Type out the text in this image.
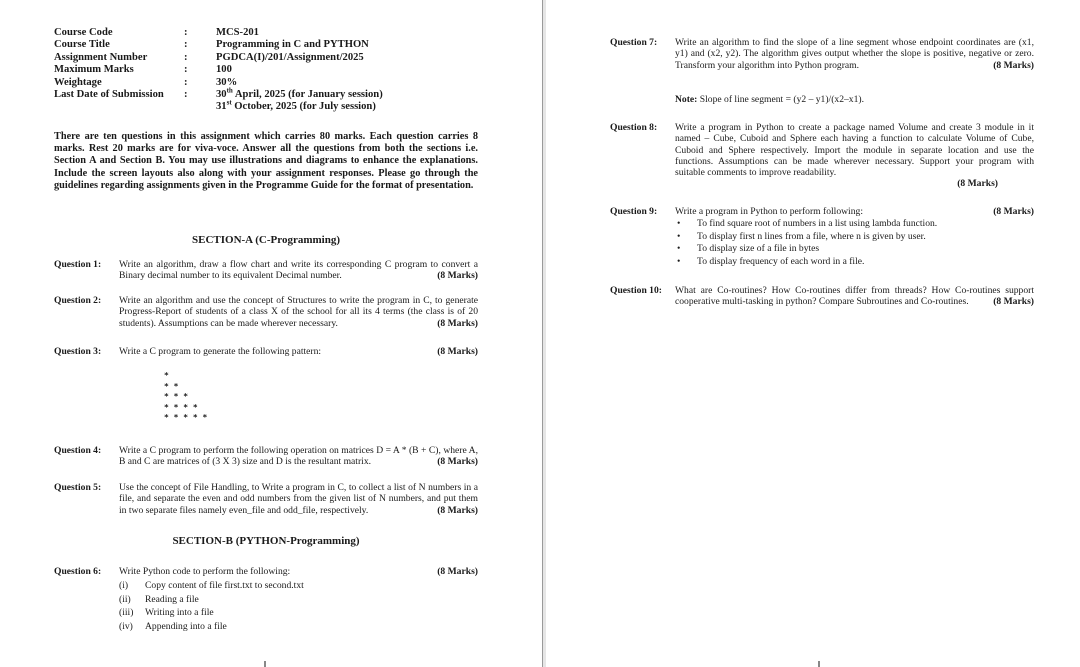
Course Code	:	MCS-201
Course Title	:	Programming in C and PYTHON
Assignment Number	:	PGDCA(I)/201/Assignment/2025
Maximum Marks	:	100
Weightage	:	30%
Last Date of Submission	:	30th April, 2025 (for January session)
31st October, 2025 (for July session)
There are ten questions in this assignment which carries 80 marks. Each question carries 8 marks. Rest 20 marks are for viva-voce. Answer all the questions from both the sections i.e. Section A and Section B. You may use illustrations and diagrams to enhance the explanations. Include the screen layouts also along with your assignment responses. Please go through the guidelines regarding assignments given in the Programme Guide for the format of presentation.
SECTION-A (C-Programming)
Question 1:	Write an algorithm, draw a flow chart and write its corresponding C program to convert a Binary decimal number to its equivalent Decimal number.	(8 Marks)
Question 2:	Write an algorithm and use the concept of Structures to write the program in C, to generate Progress-Report of students of a class X of the school for all its 4 terms (the class is of 20 students). Assumptions can be made wherever necessary.	(8 Marks)
Question 3:	Write a C program to generate the following pattern:	(8 Marks)
*
* *
* * *
* * * *
* * * * *
Question 4:	Write a C program to perform the following operation on matrices D = A * (B + C), where A, B and C are matrices of (3 X 3) size and D is the resultant matrix.	(8 Marks)
Question 5:	Use the concept of File Handling, to Write a program in C, to collect a list of N numbers in a file, and separate the even and odd numbers from the given list of N numbers, and put them in two separate files namely even_file and odd_file, respectively.	(8 Marks)
SECTION-B (PYTHON-Programming)
Question 6:	(8 Marks)
Write Python code to perform the following:
(i)	Copy content of file first.txt to second.txt
(ii)	Reading a file
(iii)	Writing into a file
(iv)	Appending into a file
Question 7:	Write an algorithm to find the slope of a line segment whose endpoint coordinates are (x1, y1) and (x2, y2). The algorithm gives output whether the slope is positive, negative or zero. Transform your algorithm into Python program.	(8 Marks)
Note: Slope of line segment = (y2 – y1)/(x2–x1).
Question 8:	Write a program in Python to create a package named Volume and create 3 module in it named – Cube, Cuboid and Sphere each having a function to calculate Volume of Cube, Cuboid and Sphere respectively. Import the module in separate location and use the functions. Assumptions can be made wherever necessary. Support your program with suitable comments to improve readability.
(8 Marks)
Question 9:	(8 Marks)
Write a program in Python to perform following:
•	To find square root of numbers in a list using lambda function.
•	To display first n lines from a file, where n is given by user.
•	To display size of a file in bytes
•	To display frequency of each word in a file.
Question 10:	What are Co-routines? How Co-routines differ from threads? How Co-routines support cooperative multi-tasking in python? Compare Subroutines and Co-routines.	(8 Marks)
